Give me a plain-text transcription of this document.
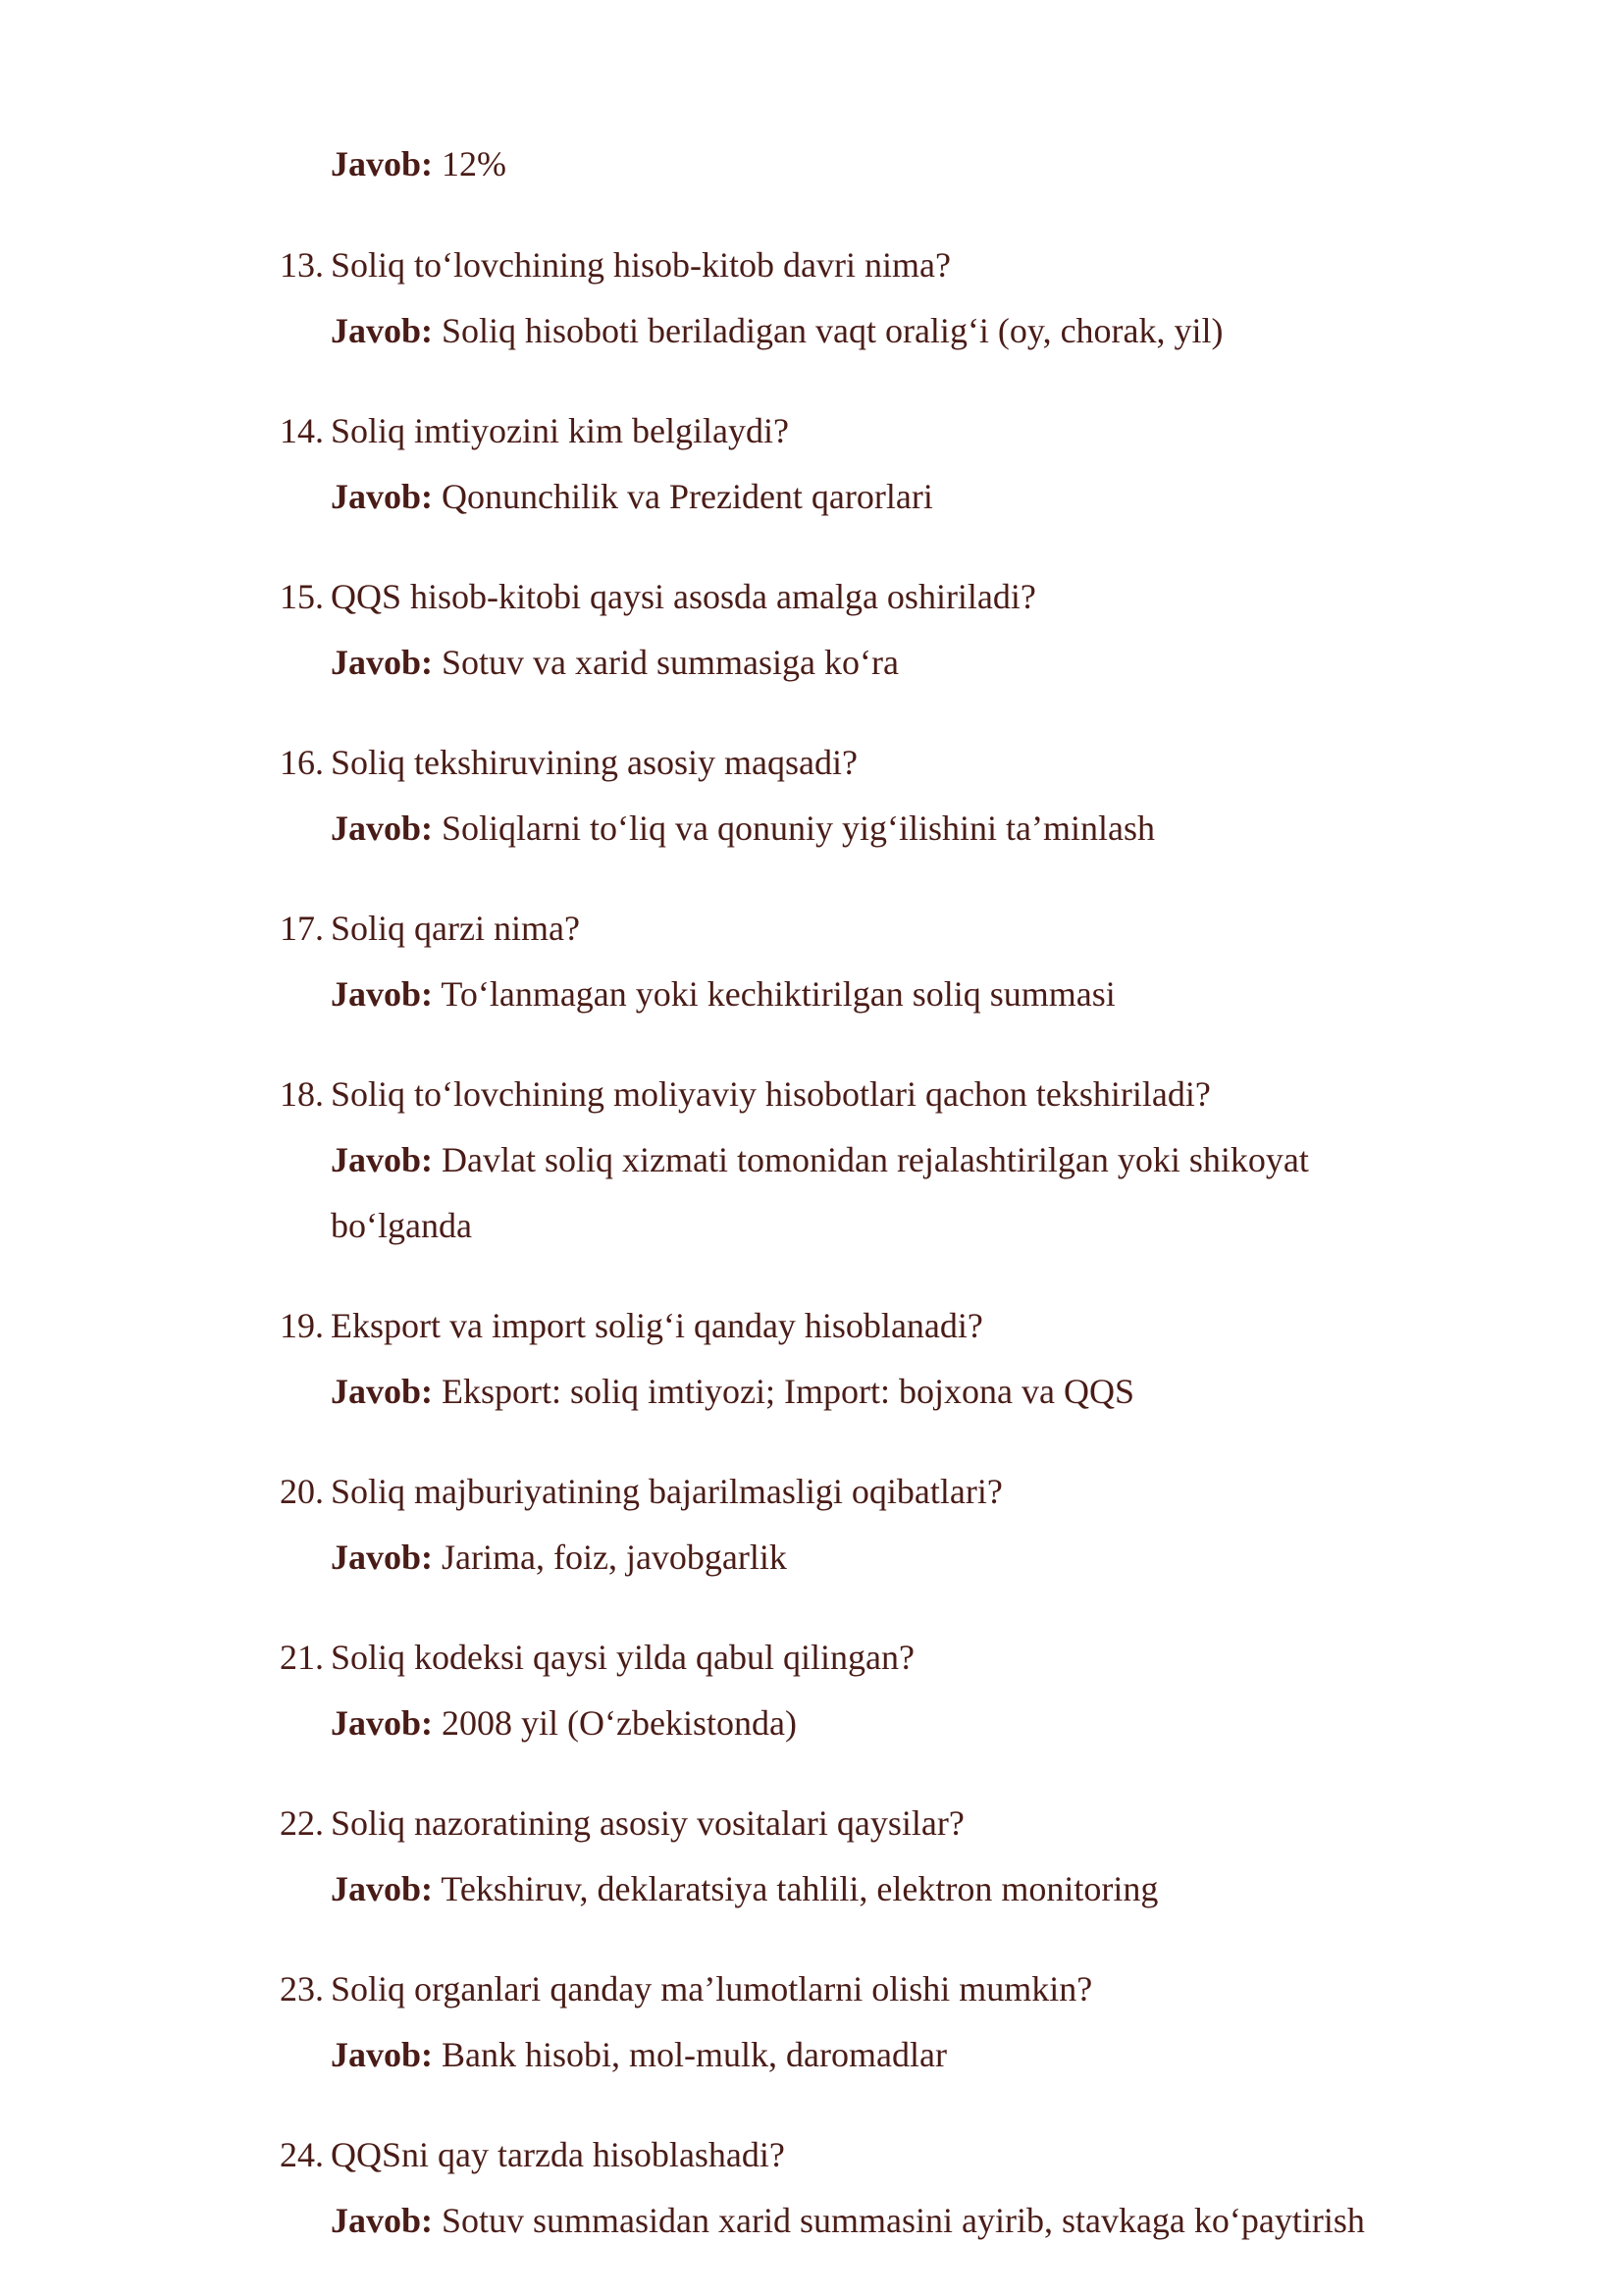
Javob: 12%
13. Soliq to‘lovchining hisob-kitob davri nima?
Javob: Soliq hisoboti beriladigan vaqt oralig‘i (oy, chorak, yil)
14. Soliq imtiyozini kim belgilaydi?
Javob: Qonunchilik va Prezident qarorlari
15. QQS hisob-kitobi qaysi asosda amalga oshiriladi?
Javob: Sotuv va xarid summasiga ko‘ra
16. Soliq tekshiruvining asosiy maqsadi?
Javob: Soliqlarni to‘liq va qonuniy yig‘ilishini ta’minlash
17. Soliq qarzi nima?
Javob: To‘lanmagan yoki kechiktirilgan soliq summasi
18. Soliq to‘lovchining moliyaviy hisobotlari qachon tekshiriladi?
Javob: Davlat soliq xizmati tomonidan rejalashtirilgan yoki shikoyat
bo‘lganda
19. Eksport va import solig‘i qanday hisoblanadi?
Javob: Eksport: soliq imtiyozi; Import: bojxona va QQS
20. Soliq majburiyatining bajarilmasligi oqibatlari?
Javob: Jarima, foiz, javobgarlik
21. Soliq kodeksi qaysi yilda qabul qilingan?
Javob: 2008 yil (O‘zbekistonda)
22. Soliq nazoratining asosiy vositalari qaysilar?
Javob: Tekshiruv, deklaratsiya tahlili, elektron monitoring
23. Soliq organlari qanday ma’lumotlarni olishi mumkin?
Javob: Bank hisobi, mol-mulk, daromadlar
24. QQSni qay tarzda hisoblashadi?
Javob: Sotuv summasidan xarid summasini ayirib, stavkaga ko‘paytirish
